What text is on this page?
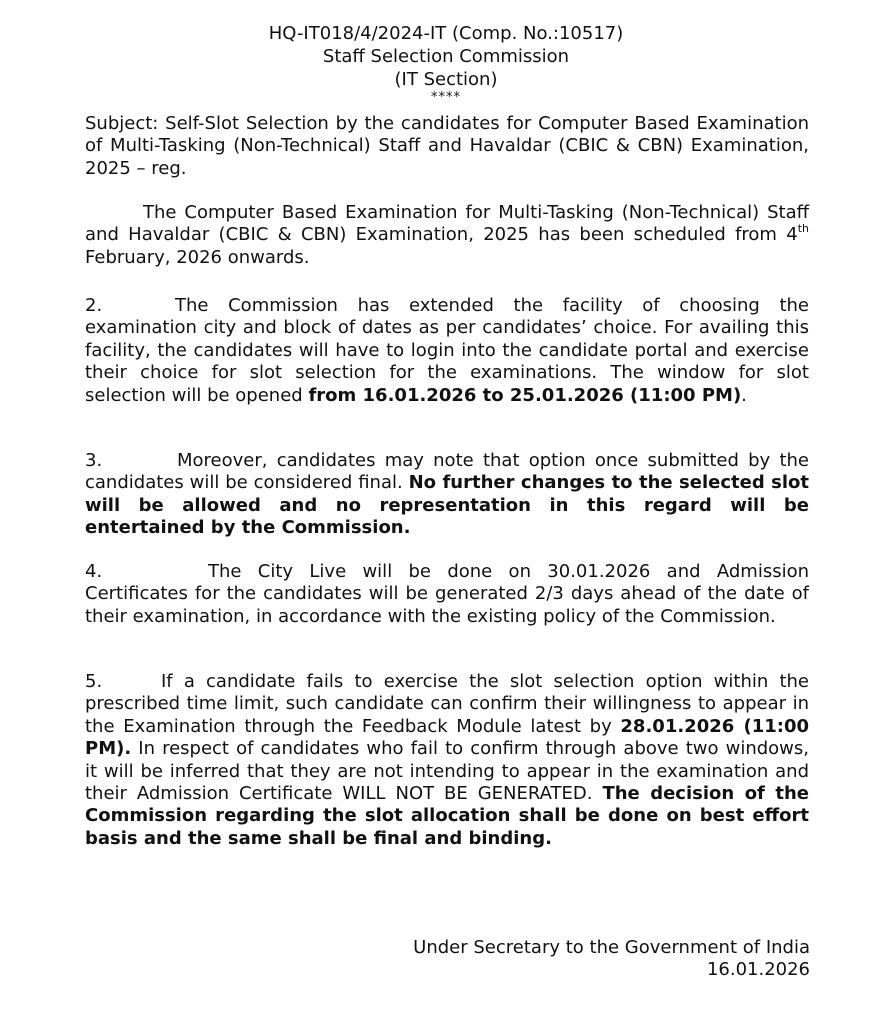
HQ-IT018/4/2024-IT (Comp. No.:10517)
Staff Selection Commission
(IT Section)
****
Subject: Self-Slot Selection by the candidates for Computer Based Examination of Multi-Tasking (Non-Technical) Staff and Havaldar (CBIC & CBN) Examination, 2025 – reg.
The Computer Based Examination for Multi-Tasking (Non-Technical) Staff and Havaldar (CBIC & CBN) Examination, 2025 has been scheduled from 4th February, 2026 onwards.
2.	The Commission has extended the facility of choosing the examination city and block of dates as per candidates’ choice. For availing this facility, the candidates will have to login into the candidate portal and exercise their choice for slot selection for the examinations. The window for slot selection will be opened from 16.01.2026 to 25.01.2026 (11:00 PM).
3.	Moreover, candidates may note that option once submitted by the candidates will be considered final. No further changes to the selected slot will be allowed and no representation in this regard will be entertained by the Commission.
4.	The City Live will be done on 30.01.2026 and Admission Certificates for the candidates will be generated 2/3 days ahead of the date of their examination, in accordance with the existing policy of the Commission.
5.	If a candidate fails to exercise the slot selection option within the prescribed time limit, such candidate can confirm their willingness to appear in the Examination through the Feedback Module latest by 28.01.2026 (11:00 PM). In respect of candidates who fail to confirm through above two windows, it will be inferred that they are not intending to appear in the examination and their Admission Certificate WILL NOT BE GENERATED. The decision of the Commission regarding the slot allocation shall be done on best effort basis and the same shall be final and binding.
Under Secretary to the Government of India
16.01.2026
